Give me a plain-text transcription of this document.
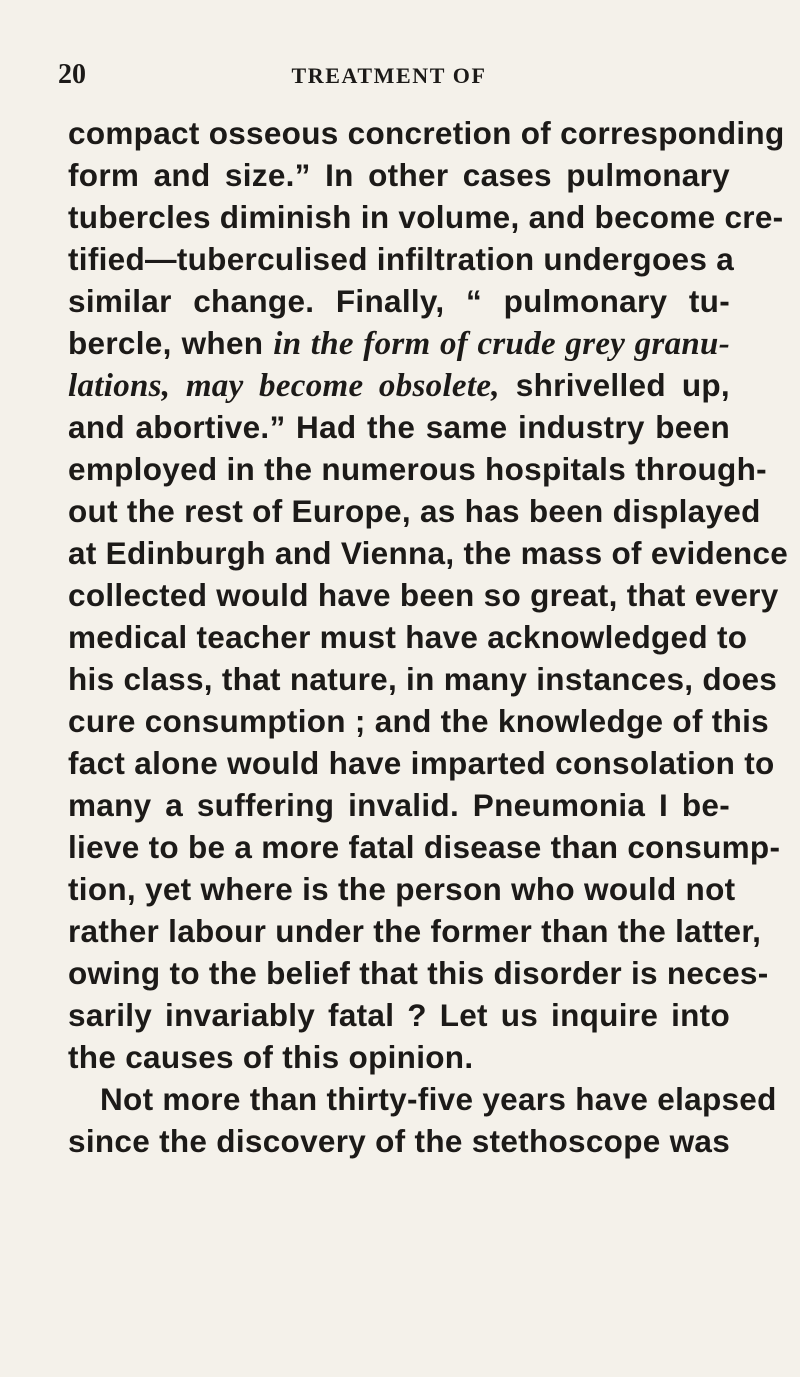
20	TREATMENT OF
compact osseous concretion of corresponding
form and size.” In other cases pulmonary
tubercles diminish in volume, and become cre-
tified—tuberculised infiltration undergoes a
similar change. Finally, “ pulmonary tu-
bercle, when in the form of crude grey granu-
lations, may become obsolete, shrivelled up,
and abortive.” Had the same industry been
employed in the numerous hospitals through-
out the rest of Europe, as has been displayed
at Edinburgh and Vienna, the mass of evidence
collected would have been so great, that every
medical teacher must have acknowledged to
his class, that nature, in many instances, does
cure consumption ; and the knowledge of this
fact alone would have imparted consolation to
many a suffering invalid. Pneumonia I be-
lieve to be a more fatal disease than consump-
tion, yet where is the person who would not
rather labour under the former than the latter,
owing to the belief that this disorder is neces-
sarily invariably fatal ? Let us inquire into
the causes of this opinion.
Not more than thirty-five years have elapsed
since the discovery of the stethoscope was
